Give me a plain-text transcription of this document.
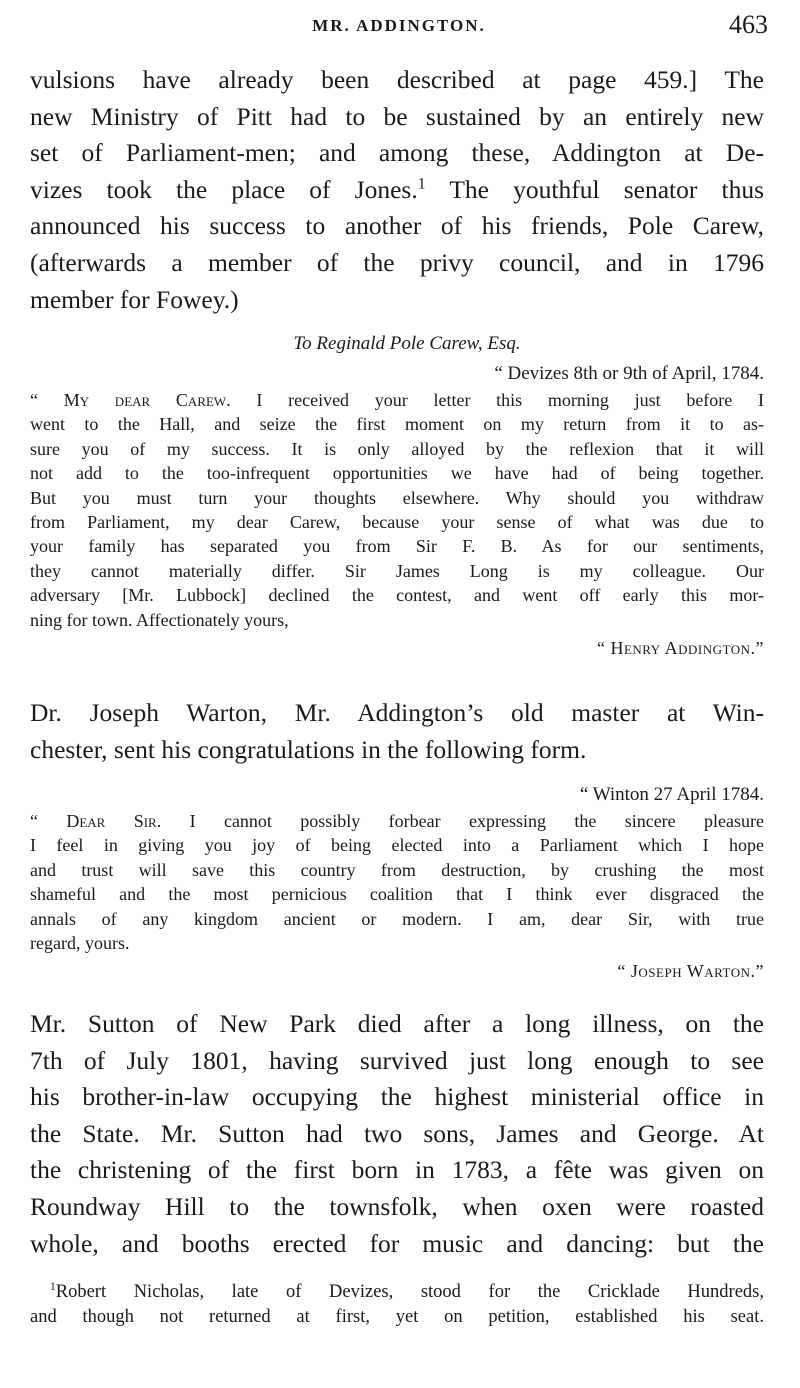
MR. ADDINGTON.	463
vulsions have already been described at page 459.] The
new Ministry of Pitt had to be sustained by an entirely new
set of Parliament-men; and among these, Addington at De-
vizes took the place of Jones.$^1$ The youthful senator thus
announced his success to another of his friends, Pole Carew,
(afterwards a member of the privy council, and in 1796
member for Fowey.)
To Reginald Pole Carew, Esq.
“ Devizes 8th or 9th of April, 1784.
“ My dear Carew. I received your letter this morning just before I
went to the Hall, and seize the first moment on my return from it to as-
sure you of my success. It is only alloyed by the reflexion that it will
not add to the too-infrequent opportunities we have had of being together.
But you must turn your thoughts elsewhere. Why should you withdraw
from Parliament, my dear Carew, because your sense of what was due to
your family has separated you from Sir F. B. As for our sentiments,
they cannot materially differ. Sir James Long is my colleague. Our
adversary [Mr. Lubbock] declined the contest, and went off early this mor-
ning for town. Affectionately yours,
“ Henry Addington.”
Dr. Joseph Warton, Mr. Addington’s old master at Win-
chester, sent his congratulations in the following form.
“ Winton 27 April 1784.
“ Dear Sir. I cannot possibly forbear expressing the sincere pleasure
I feel in giving you joy of being elected into a Parliament which I hope
and trust will save this country from destruction, by crushing the most
shameful and the most pernicious coalition that I think ever disgraced the
annals of any kingdom ancient or modern. I am, dear Sir, with true
regard, yours.
“ Joseph Warton.”
Mr. Sutton of New Park died after a long illness, on the
7th of July 1801, having survived just long enough to see
his brother-in-law occupying the highest ministerial office in
the State. Mr. Sutton had two sons, James and George. At
the christening of the first born in 1783, a fête was given on
Roundway Hill to the townsfolk, when oxen were roasted
whole, and booths erected for music and dancing: but the
$^1$Robert Nicholas, late of Devizes, stood for the Cricklade Hundreds,
and though not returned at first, yet on petition, established his seat.
